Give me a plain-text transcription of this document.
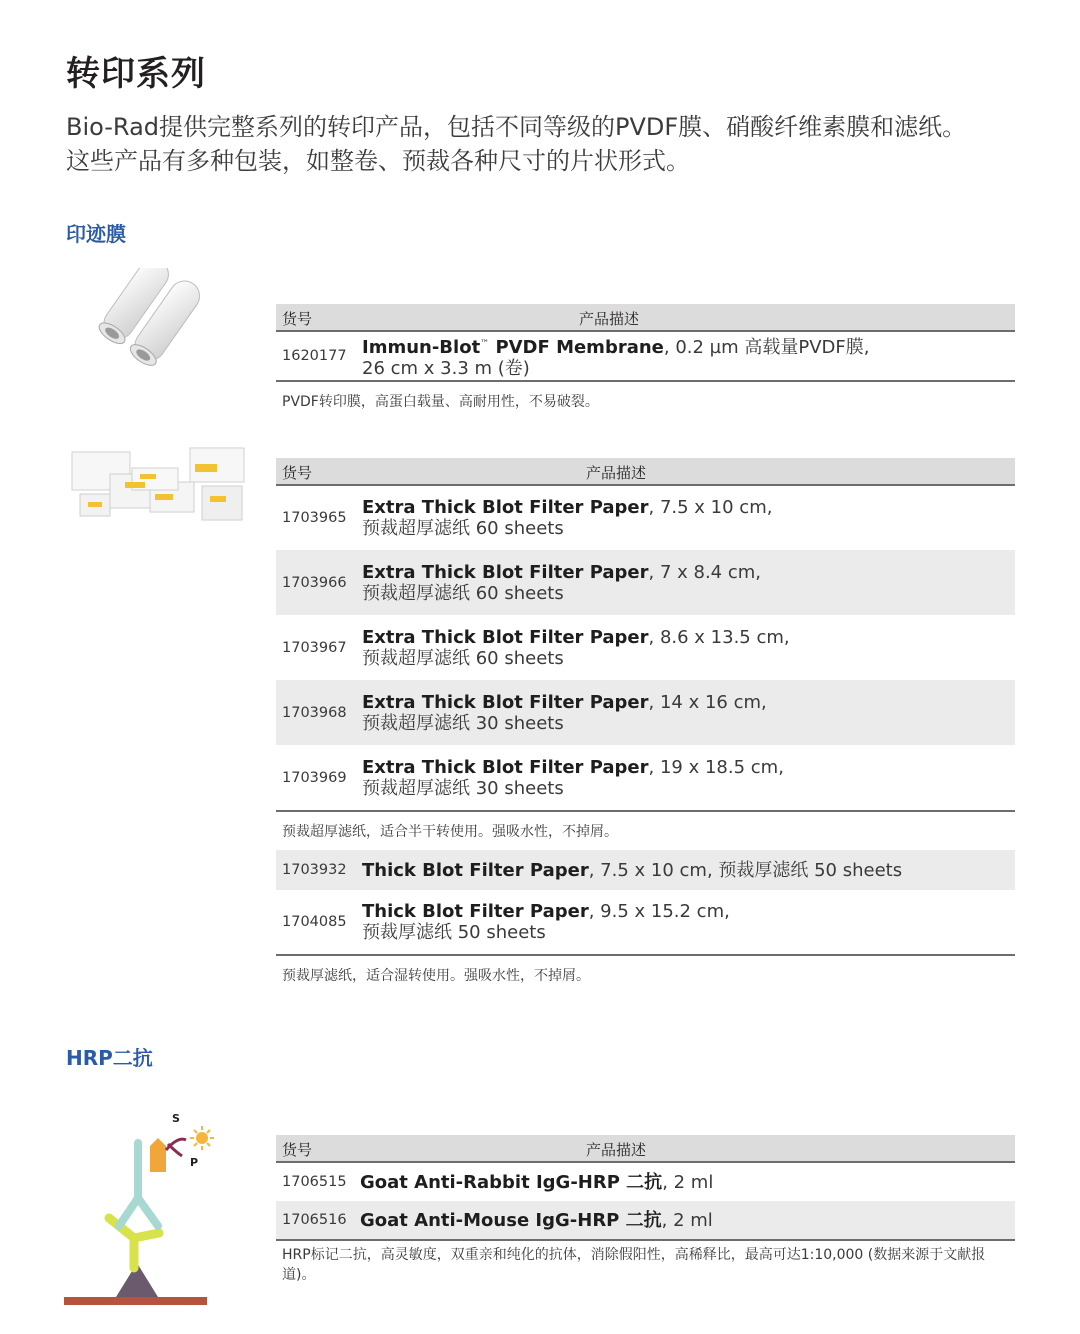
转印系列
Bio-Rad提供完整系列的转印产品，包括不同等级的PVDF膜、硝酸纤维素膜和滤纸。
这些产品有多种包装，如整卷、预裁各种尺寸的片状形式。
印迹膜
货号	产品描述
1620177 Immun-Blot™ PVDF Membrane, 0.2 µm 高载量PVDF膜,
26 cm x 3.3 m (卷)
PVDF转印膜，高蛋白载量、高耐用性，不易破裂。
货号	产品描述
1703965 Extra Thick Blot Filter Paper, 7.5 x 10 cm,
预裁超厚滤纸 60 sheets
1703966 Extra Thick Blot Filter Paper, 7 x 8.4 cm,
预裁超厚滤纸 60 sheets
1703967 Extra Thick Blot Filter Paper, 8.6 x 13.5 cm,
预裁超厚滤纸 60 sheets
1703968 Extra Thick Blot Filter Paper, 14 x 16 cm,
预裁超厚滤纸 30 sheets
1703969 Extra Thick Blot Filter Paper, 19 x 18.5 cm,
预裁超厚滤纸 30 sheets
预裁超厚滤纸，适合半干转使用。强吸水性，不掉屑。
1703932 Thick Blot Filter Paper, 7.5 x 10 cm, 预裁厚滤纸 50 sheets
1704085 Thick Blot Filter Paper, 9.5 x 15.2 cm,
预裁厚滤纸 50 sheets
预裁厚滤纸，适合湿转使用。强吸水性，不掉屑。
HRP二抗
S
P
货号	产品描述
1706515 Goat Anti-Rabbit IgG-HRP 二抗, 2 ml
1706516 Goat Anti-Mouse IgG-HRP 二抗, 2 ml
HRP标记二抗，高灵敏度，双重亲和纯化的抗体，消除假阳性，高稀释比，最高可达1:10,000 (数据来源于文献报道)。
